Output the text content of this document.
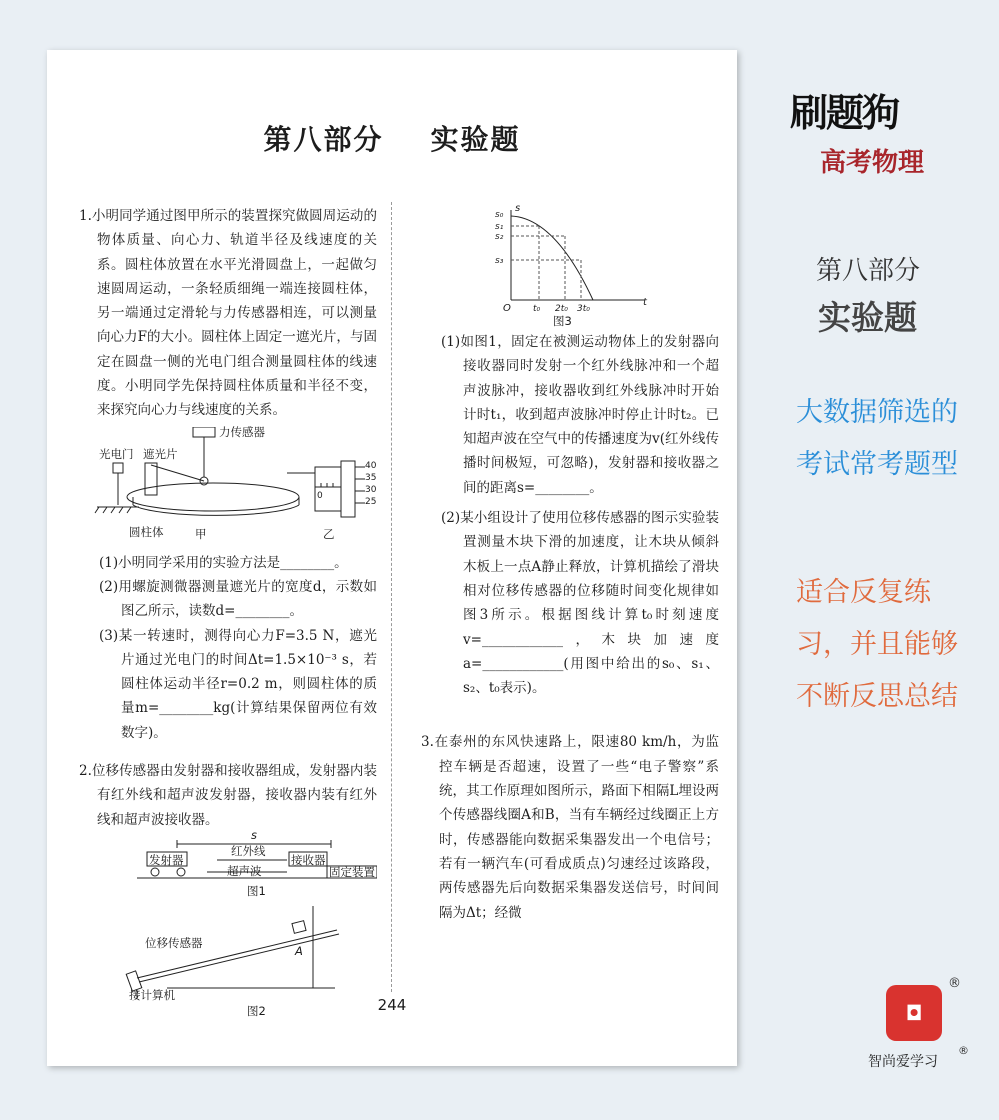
第八部分    实验题

1.小明同学通过图甲所示的装置探究做圆周运动的物体质量、向心力、轨道半径及线速度的关系。圆柱体放置在水平光滑圆盘上，一起做匀速圆周运动，一条轻质细绳一端连接圆柱体，另一端通过定滑轮与力传感器相连，可以测量向心力F的大小。圆柱体上固定一遮光片，与固定在圆盘一侧的光电门组合测量圆柱体的线速度。小明同学先保持圆柱体质量和半径不变，来探究向心力与线速度的关系。

力传感器
光电门 遮光片
圆柱体	甲	乙
40
35
30
25
0

(1)小明同学采用的实验方法是________。

(2)用螺旋测微器测量遮光片的宽度d，示数如图乙所示，读数d=________。

(3)某一转速时，测得向心力F=3.5 N，遮光片通过光电门的时间Δt=1.5×10⁻³ s，若圆柱体运动半径r=0.2 m，则圆柱体的质量m=________kg(计算结果保留两位有效数字)。

2.位移传感器由发射器和接收器组成，发射器内装有红外线和超声波发射器，接收器内装有红外线和超声波接收器。

s
红外线
发射器	接收器
超声波	固定装置
图1
位移传感器
A
接计算机
图2
s₀
s
s₁
s₂
s₃
O t₀ 2t₀ 3t₀
t
图3

(1)如图1，固定在被测运动物体上的发射器向接收器同时发射一个红外线脉冲和一个超声波脉冲，接收器收到红外线脉冲时开始计时t₁，收到超声波脉冲时停止计时t₂。已知超声波在空气中的传播速度为v(红外线传播时间极短，可忽略)，发射器和接收器之间的距离s=________。

(2)某小组设计了使用位移传感器的图示实验装置测量木块下滑的加速度，让木块从倾斜木板上一点A静止释放，计算机描绘了滑块相对位移传感器的位移随时间变化规律如图3所示。根据图线计算t₀时刻速度v=____________，木块加速度a=____________(用图中给出的s₀、s₁、s₂、t₀表示)。

3.在泰州的东风快速路上，限速80 km/h，为监控车辆是否超速，设置了一些“电子警察”系统，其工作原理如图所示，路面下相隔L埋设两个传感器线圈A和B，当有车辆经过线圈正上方时，传感器能向数据采集器发出一个电信号；若有一辆汽车(可看成质点)匀速经过该路段，两传感器先后向数据采集器发送信号，时间间隔为Δt；经微

244
刷题狗
高考物理
第八部分
实验题
大数据筛选的考试常考题型
适合反复练习，并且能够不断反思总结
◘
®
智尚爱学习
®
